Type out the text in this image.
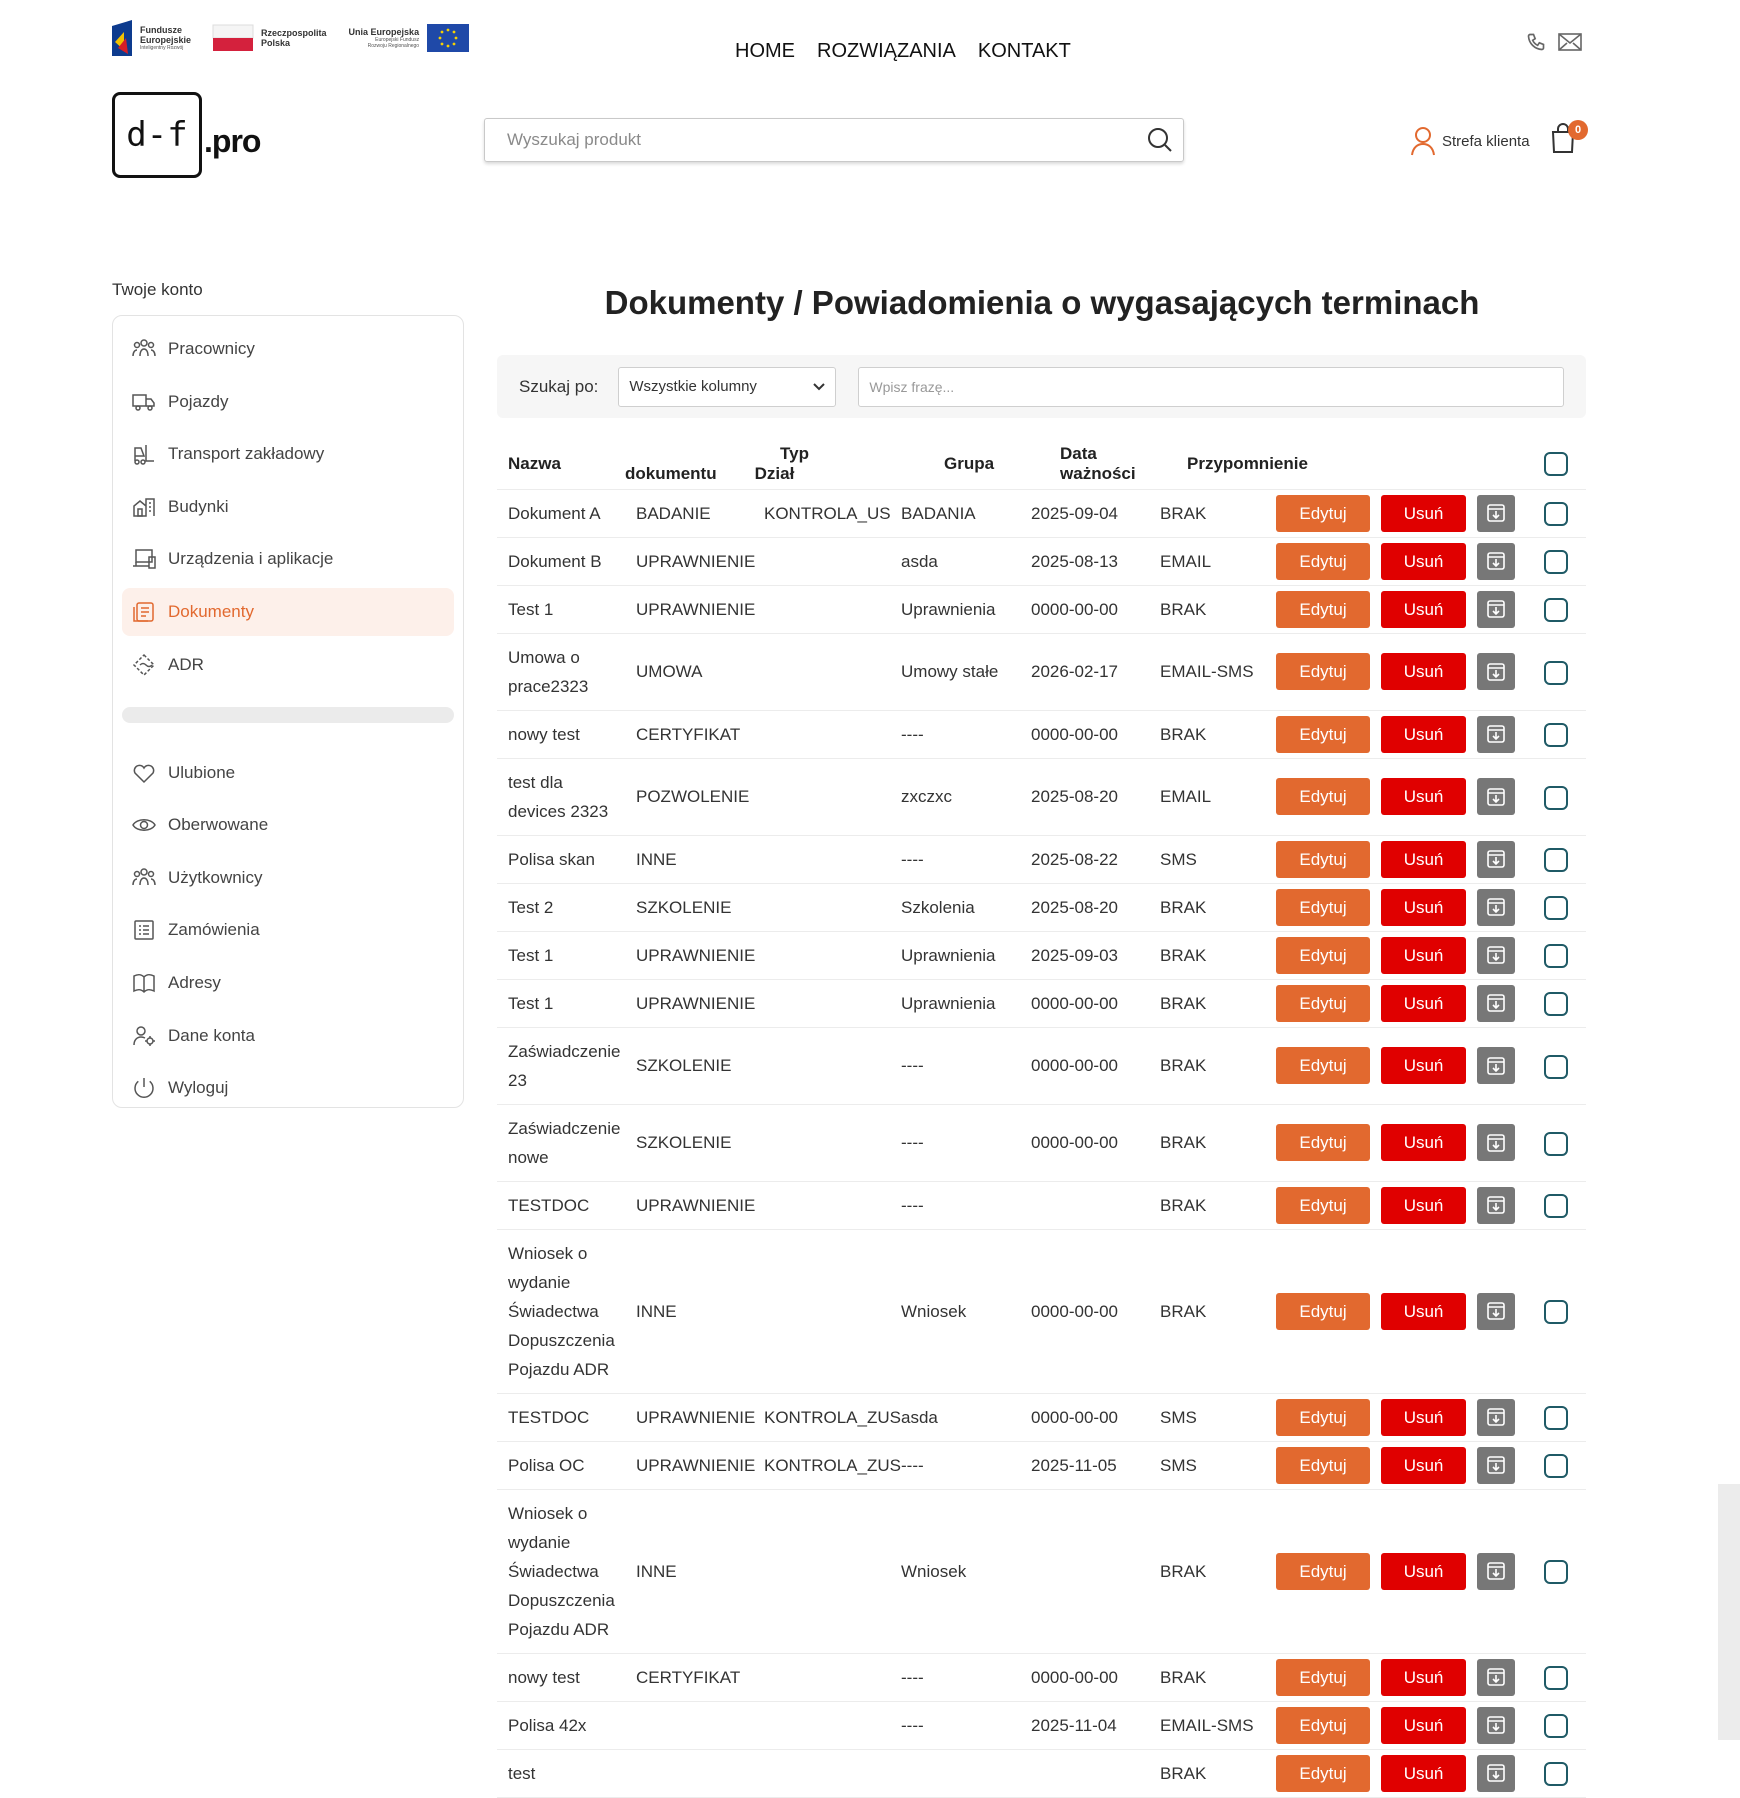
Fundusze
Europejskie
Inteligentny Rozwój
Rzeczpospolita
Polska
Unia Europejska
Europejski Fundusz
Rozwoju Regionalnego	HOME ROZWIĄZANIA KONTAKT
d-f .pro
Wyszukaj produkt	Strefa klienta
0
Twoje konto
Pracownicy
Pojazdy
Transport zakładowy
Budynki
Urządzenia i aplikacje
Dokumenty
ADR
Ulubione
Oberwowane
Użytkownicy
Zamówienia
Adresy
Dane konta
Wyloguj
Dokumenty / Powiadomienia o wygasających terminach
Szukaj po: Wszystkie kolumny
Wpisz frazę...
Nazwa	Typ dokumentu Dział		Grupa	Data ważności	Przypomnienie				
Dokument A	BADANIE	KONTROLA_US	BADANIA	2025-09-04	BRAK	Edytuj	Usuń	

Dokument B	UPRAWNIENIE		asda	2025-08-13	EMAIL	Edytuj	Usuń	

Test 1	UPRAWNIENIE		Uprawnienia	0000-00-00	BRAK	Edytuj	Usuń	

Umowa o prace2323	UMOWA		Umowy stałe	2026-02-17	EMAIL-SMS	Edytuj	Usuń	

nowy test	CERTYFIKAT		----	0000-00-00	BRAK	Edytuj	Usuń	

test dla devices 2323	POZWOLENIE		zxczxc	2025-08-20	EMAIL	Edytuj	Usuń	

Polisa skan	INNE		----	2025-08-22	SMS	Edytuj	Usuń	

Test 2	SZKOLENIE		Szkolenia	2025-08-20	BRAK	Edytuj	Usuń	

Test 1	UPRAWNIENIE		Uprawnienia	2025-09-03	BRAK	Edytuj	Usuń	

Test 1	UPRAWNIENIE		Uprawnienia	0000-00-00	BRAK	Edytuj	Usuń	

Zaświadczenie 23	SZKOLENIE		----	0000-00-00	BRAK	Edytuj	Usuń	

Zaświadczenie nowe	SZKOLENIE		----	0000-00-00	BRAK	Edytuj	Usuń	

TESTDOC	UPRAWNIENIE		----		BRAK	Edytuj	Usuń	

Wniosek o wydanie Świadectwa Dopuszczenia Pojazdu ADR	INNE		Wniosek	0000-00-00	BRAK	Edytuj	Usuń	

TESTDOC	UPRAWNIENIE	KONTROLA_ZUS	asda	0000-00-00	SMS	Edytuj	Usuń	

Polisa OC	UPRAWNIENIE	KONTROLA_ZUS	----	2025-11-05	SMS	Edytuj	Usuń	

Wniosek o wydanie Świadectwa Dopuszczenia Pojazdu ADR	INNE		Wniosek		BRAK	Edytuj	Usuń	

nowy test	CERTYFIKAT		----	0000-00-00	BRAK	Edytuj	Usuń	

Polisa 42x			----	2025-11-04	EMAIL-SMS	Edytuj	Usuń	

test					BRAK	Edytuj	Usuń	
